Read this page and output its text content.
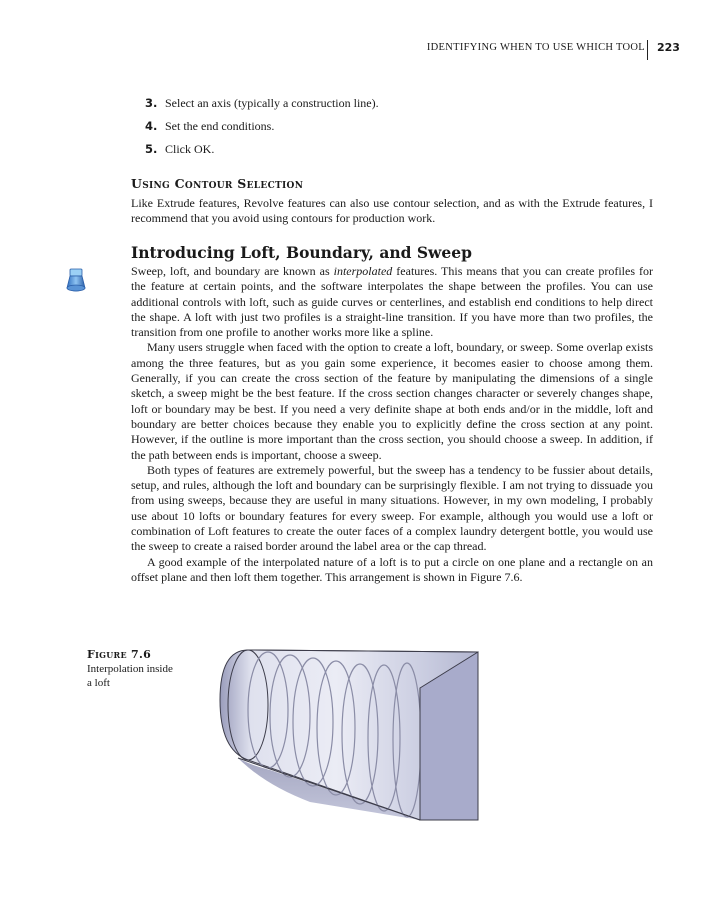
IDENTIFYING WHEN TO USE WHICH TOOL 223
3. Select an axis (typically a construction line).
4. Set the end conditions.
5. Click OK.
Using Contour Selection

Like Extrude features, Revolve features can also use contour selection, and as with the Extrude features, I recommend that you avoid using contours for production work.

Introducing Loft, Boundary, and Sweep

Sweep, loft, and boundary are known as interpolated features. This means that you can create profiles for the feature at certain points, and the software interpolates the shape between the profiles. You can use additional controls with loft, such as guide curves or centerlines, and establish end conditions to help direct the shape. A loft with just two profiles is a straight-line transition. If you have more than two profiles, the transition from one profile to another works more like a spline.

Many users struggle when faced with the option to create a loft, boundary, or sweep. Some overlap exists among the three features, but as you gain some experience, it becomes easier to choose among them. Generally, if you can create the cross section of the feature by manipulating the dimensions of a single sketch, a sweep might be the best feature. If the cross section changes character or severely changes shape, loft or boundary may be best. If you need a very definite shape at both ends and/or in the middle, loft and boundary are better choices because they enable you to explicitly define the cross section at any point. However, if the outline is more important than the cross section, you should choose a sweep. In addition, if the path between ends is important, choose a sweep.

Both types of features are extremely powerful, but the sweep has a tendency to be fussier about details, setup, and rules, although the loft and boundary can be surprisingly flexible. I am not trying to dissuade you from using sweeps, because they are useful in many situations. However, in my own modeling, I probably use about 10 lofts or boundary features for every sweep. For example, although you would use a loft or combination of Loft features to create the outer faces of a complex laundry detergent bottle, you would use the sweep to create a raised border around the label area or the cap thread.

A good example of the interpolated nature of a loft is to put a circle on one plane and a rectangle on an offset plane and then loft them together. This arrangement is shown in Figure 7.6.

Figure 7.6
Interpolation inside a loft
